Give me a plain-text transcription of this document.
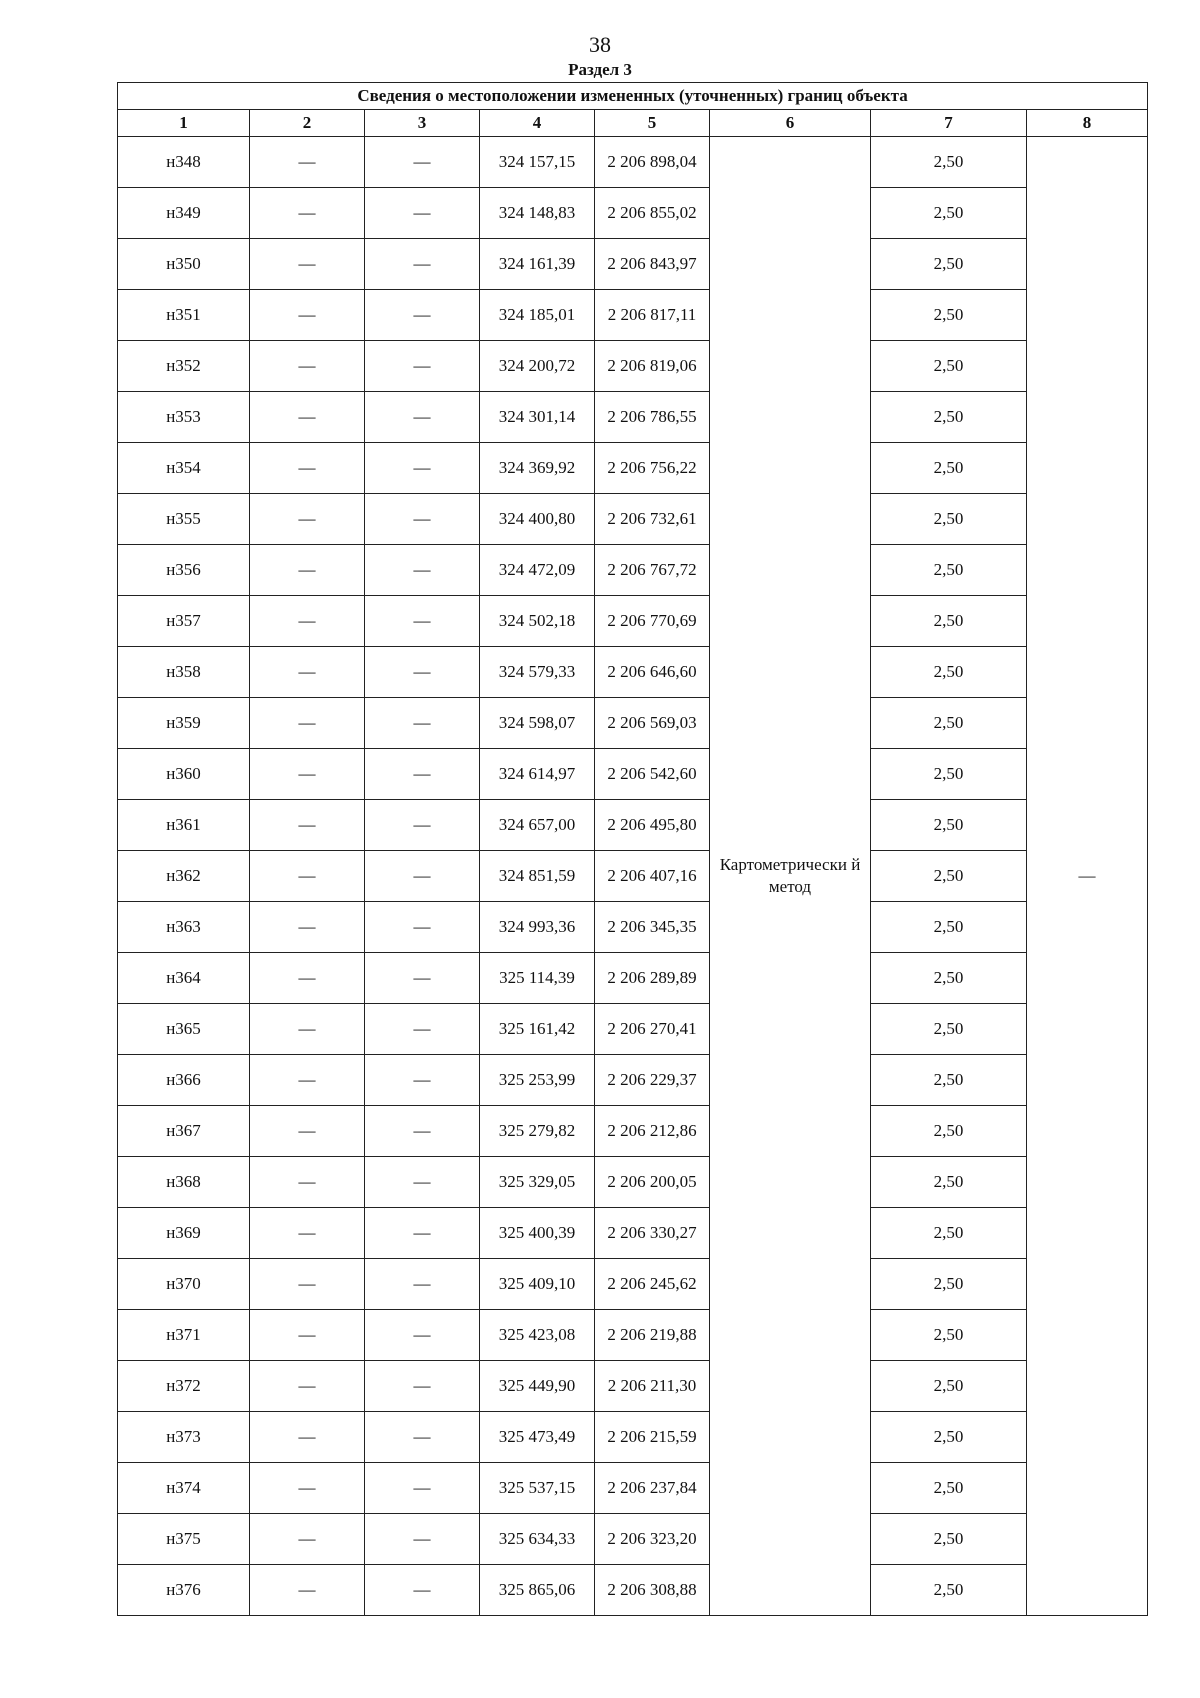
38
Раздел 3
Сведения о местоположении измененных (уточненных) границ объекта							
1	2	3	4	5	6	7	8
н348	—	—	324 157,15	2 206 898,04	Картометрически й метод	2,50	—
н349	—	—	324 148,83	2 206 855,02		2,50	
н350	—	—	324 161,39	2 206 843,97		2,50	
н351	—	—	324 185,01	2 206 817,11		2,50	
н352	—	—	324 200,72	2 206 819,06		2,50	
н353	—	—	324 301,14	2 206 786,55		2,50	
н354	—	—	324 369,92	2 206 756,22		2,50	
н355	—	—	324 400,80	2 206 732,61		2,50	
н356	—	—	324 472,09	2 206 767,72		2,50	
н357	—	—	324 502,18	2 206 770,69		2,50	
н358	—	—	324 579,33	2 206 646,60		2,50	
н359	—	—	324 598,07	2 206 569,03		2,50	
н360	—	—	324 614,97	2 206 542,60		2,50	
н361	—	—	324 657,00	2 206 495,80		2,50	
н362	—	—	324 851,59	2 206 407,16		2,50	
н363	—	—	324 993,36	2 206 345,35		2,50	
н364	—	—	325 114,39	2 206 289,89		2,50	
н365	—	—	325 161,42	2 206 270,41		2,50	
н366	—	—	325 253,99	2 206 229,37		2,50	
н367	—	—	325 279,82	2 206 212,86		2,50	
н368	—	—	325 329,05	2 206 200,05		2,50	
н369	—	—	325 400,39	2 206 330,27		2,50	
н370	—	—	325 409,10	2 206 245,62		2,50	
н371	—	—	325 423,08	2 206 219,88		2,50	
н372	—	—	325 449,90	2 206 211,30		2,50	
н373	—	—	325 473,49	2 206 215,59		2,50	
н374	—	—	325 537,15	2 206 237,84		2,50	
н375	—	—	325 634,33	2 206 323,20		2,50	
н376	—	—	325 865,06	2 206 308,88		2,50	
